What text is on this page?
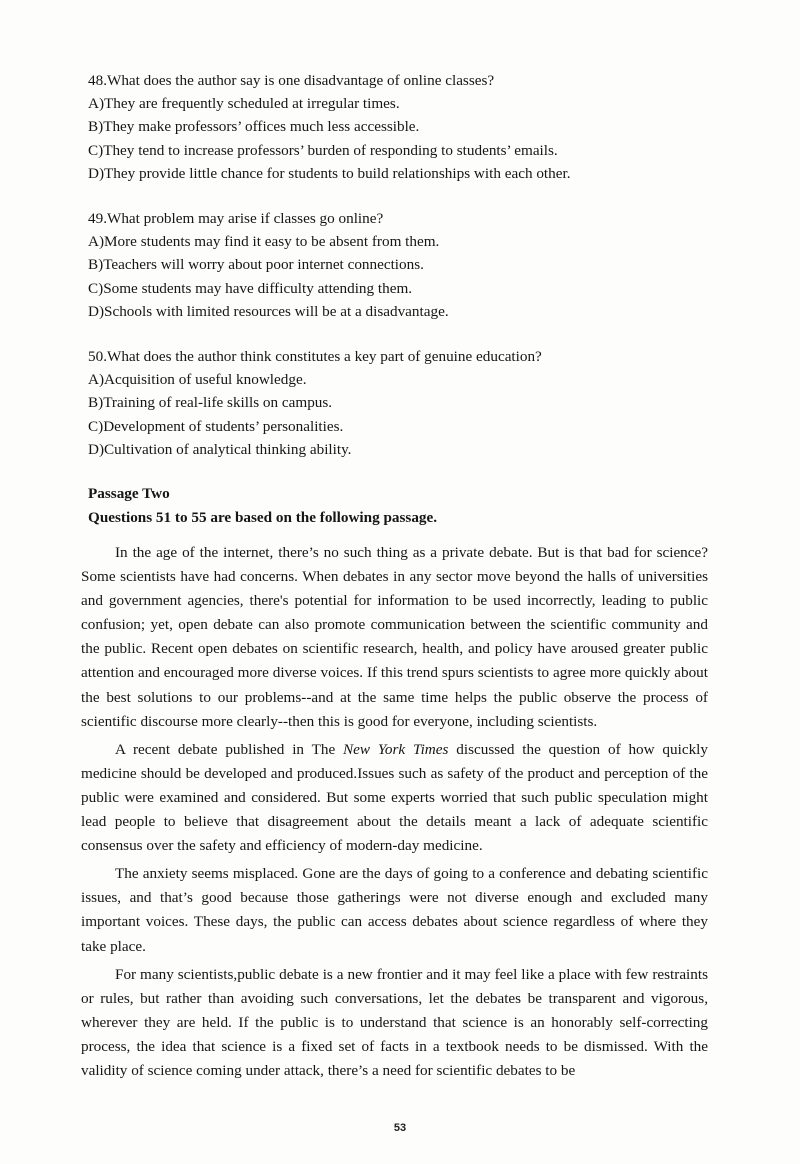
48.What does the author say is one disadvantage of online classes?
A)They are frequently scheduled at irregular times.
B)They make professors’ offices much less accessible.
C)They tend to increase professors’ burden of responding to students’ emails.
D)They provide little chance for students to build relationships with each other.
49.What problem may arise if classes go online?
A)More students may find it easy to be absent from them.
B)Teachers will worry about poor internet connections.
C)Some students may have difficulty attending them.
D)Schools with limited resources will be at a disadvantage.
50.What does the author think constitutes a key part of genuine education?
A)Acquisition of useful knowledge.
B)Training of real-life skills on campus.
C)Development of students’ personalities.
D)Cultivation of analytical thinking ability.
Passage Two
Questions 51 to 55 are based on the following passage.

In the age of the internet, there’s no such thing as a private debate. But is that bad for science? Some scientists have had concerns. When debates in any sector move beyond the halls of universities and government agencies, there's potential for information to be used incorrectly, leading to public confusion; yet, open debate can also promote communication between the scientific community and the public. Recent open debates on scientific research, health, and policy have aroused greater public attention and encouraged more diverse voices. If this trend spurs scientists to agree more quickly about the best solutions to our problems--and at the same time helps the public observe the process of scientific discourse more clearly--then this is good for everyone, including scientists.

A recent debate published in The New York Times discussed the question of how quickly medicine should be developed and produced.Issues such as safety of the product and perception of the public were examined and considered. But some experts worried that such public speculation might lead people to believe that disagreement about the details meant a lack of adequate scientific consensus over the safety and efficiency of modern-day medicine.

The anxiety seems misplaced. Gone are the days of going to a conference and debating scientific issues, and that’s good because those gatherings were not diverse enough and excluded many important voices. These days, the public can access debates about science regardless of where they take place.

For many scientists,public debate is a new frontier and it may feel like a place with few restraints or rules, but rather than avoiding such conversations, let the debates be transparent and vigorous, wherever they are held. If the public is to understand that science is an honorably self-correcting process, the idea that science is a fixed set of facts in a textbook needs to be dismissed. With the validity of science coming under attack, there’s a need for scientific debates to be

53
